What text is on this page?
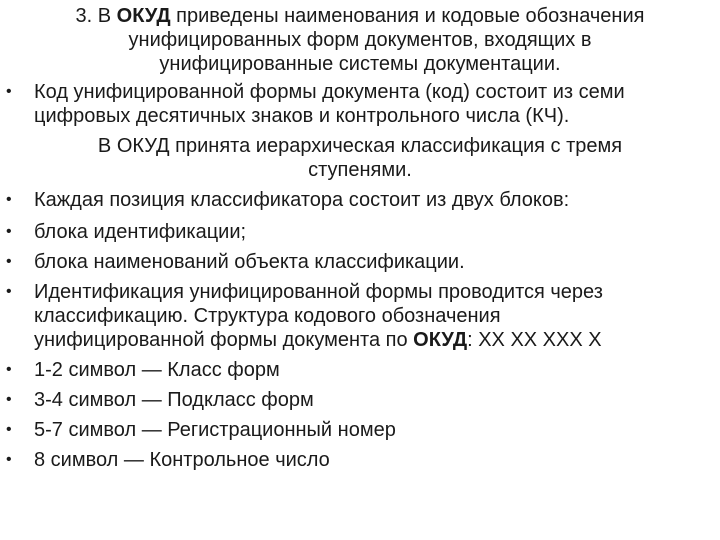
3. В ОКУД приведены наименования и кодовые обозначения
унифицированных форм документов, входящих в
унифицированные системы документации.
• Код унифицированной формы документа (код) состоит из семи
цифровых десятичных знаков и контрольного числа (КЧ).
В ОКУД принята иерархическая классификация с тремя
ступенями.
• Каждая позиция классификатора состоит из двух блоков:
• блока идентификации;
• блока наименований объекта классификации.
• Идентификация унифицированной формы проводится через
классификацию. Структура кодового обозначения
унифицированной формы документа по ОКУД: XX XX XXX X
• 1-2 символ — Класс форм
• 3-4 символ — Подкласс форм
• 5-7 символ — Регистрационный номер
• 8 символ — Контрольное число
